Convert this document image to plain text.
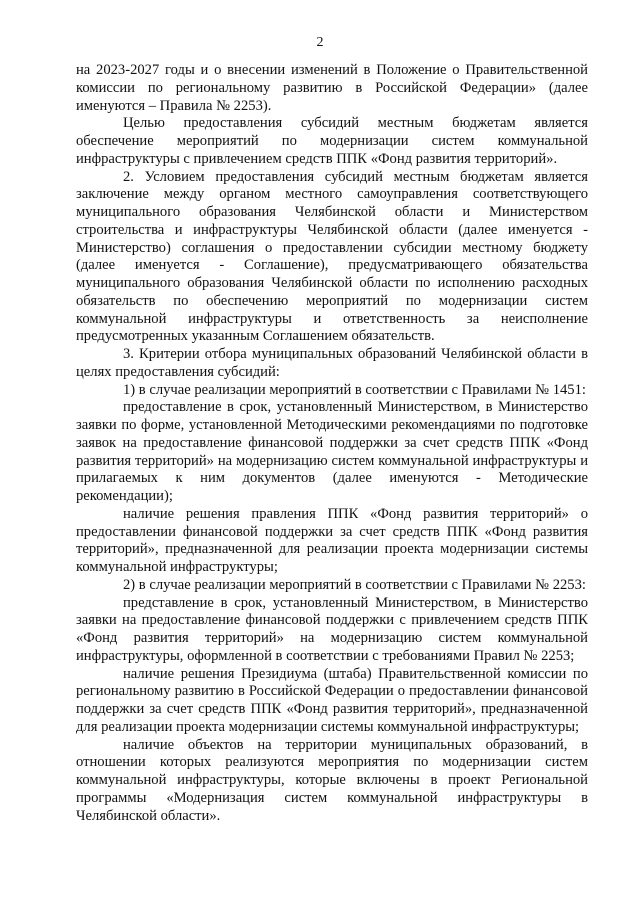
2

на 2023-2027 годы и о внесении изменений в Положение о Правительственной комиссии по региональному развитию в Российской Федерации» (далее именуются – Правила № 2253).

Целью предоставления субсидий местным бюджетам является обеспечение мероприятий по модернизации систем коммунальной инфраструктуры с привлечением средств ППК «Фонд развития территорий».

2. Условием предоставления субсидий местным бюджетам является заключение между органом местного самоуправления соответствующего муниципального образования Челябинской области и Министерством строительства и инфраструктуры Челябинской области (далее именуется - Министерство) соглашения о предоставлении субсидии местному бюджету (далее именуется - Соглашение), предусматривающего обязательства муниципального образования Челябинской области по исполнению расходных обязательств по обеспечению мероприятий по модернизации систем коммунальной инфраструктуры и ответственность за неисполнение предусмотренных указанным Соглашением обязательств.

3. Критерии отбора муниципальных образований Челябинской области в целях предоставления субсидий:

1) в случае реализации мероприятий в соответствии с Правилами № 1451:

предоставление в срок, установленный Министерством, в Министерство заявки по форме, установленной Методическими рекомендациями по подготовке заявок на предоставление финансовой поддержки за счет средств ППК «Фонд развития территорий» на модернизацию систем коммунальной инфраструктуры и прилагаемых к ним документов (далее именуются - Методические рекомендации);

наличие решения правления ППК «Фонд развития территорий» о предоставлении финансовой поддержки за счет средств ППК «Фонд развития территорий», предназначенной для реализации проекта модернизации системы коммунальной инфраструктуры;

2) в случае реализации мероприятий в соответствии с Правилами № 2253:

представление в срок, установленный Министерством, в Министерство заявки на предоставление финансовой поддержки с привлечением средств ППК «Фонд развития территорий» на модернизацию систем коммунальной инфраструктуры, оформленной в соответствии с требованиями Правил № 2253;

наличие решения Президиума (штаба) Правительственной комиссии по региональному развитию в Российской Федерации о предоставлении финансовой поддержки за счет средств ППК «Фонд развития территорий», предназначенной для реализации проекта модернизации системы коммунальной инфраструктуры;

наличие объектов на территории муниципальных образований, в отношении которых реализуются мероприятия по модернизации систем коммунальной инфраструктуры, которые включены в проект Региональной программы «Модернизация систем коммунальной инфраструктуры в Челябинской области».
